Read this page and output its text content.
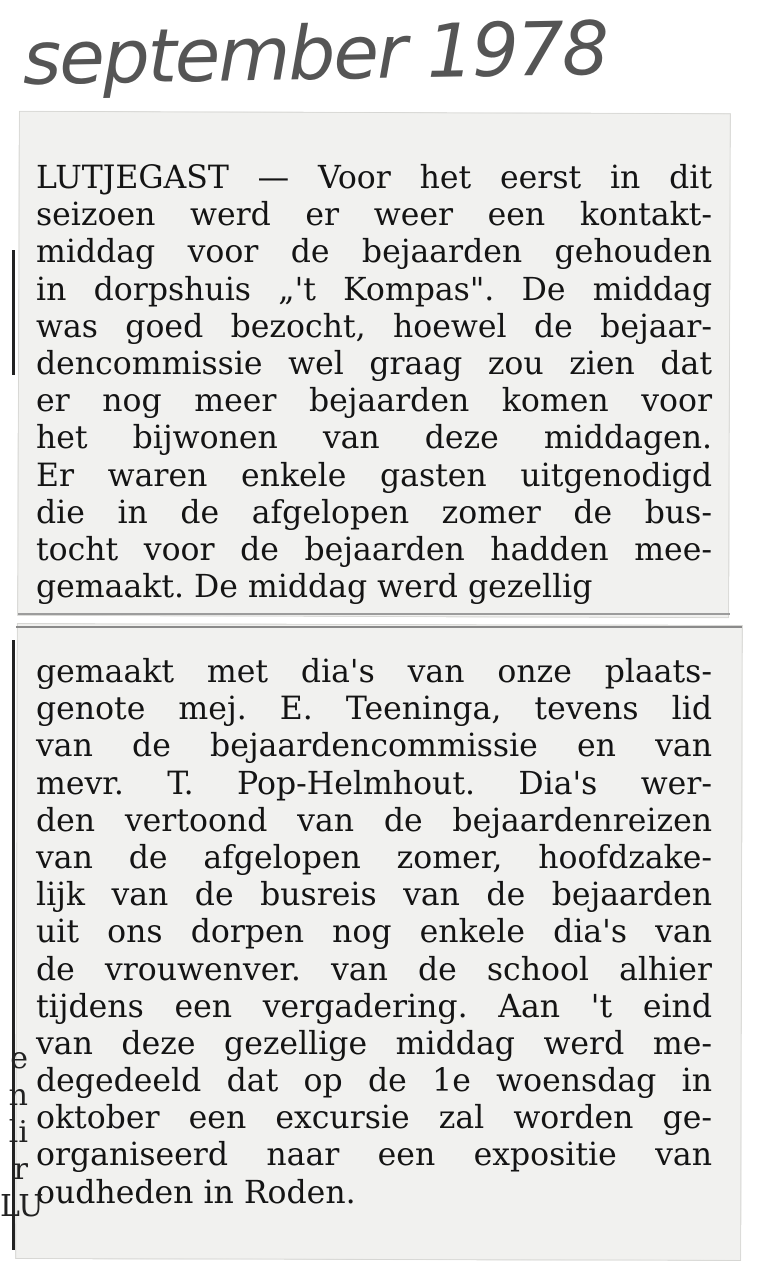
september 1978
LUTJEGAST — Voor het eerst in dit
seizoen werd er weer een kontakt-
middag voor de bejaarden gehouden
in dorpshuis „'t Kompas". De middag
was goed bezocht, hoewel de bejaar-
dencommissie wel graag zou zien dat
er nog meer bejaarden komen voor
het bijwonen van deze middagen.
Er waren enkele gasten uitgenodigd
die in de afgelopen zomer de bus-
tocht voor de bejaarden hadden mee-
gemaakt. De middag werd gezellig
gemaakt met dia's van onze plaats-
genote mej. E. Teeninga, tevens lid
van de bejaardencommissie en van
mevr. T. Pop-Helmhout. Dia's wer-
den vertoond van de bejaardenreizen
van de afgelopen zomer, hoofdzake-
lijk van de busreis van de bejaarden
uit ons dorpen nog enkele dia's van
de vrouwenver. van de school alhier
tijdens een vergadering. Aan 't eind
van deze gezellige middag werd me-
degedeeld dat op de 1e woensdag in
oktober een excursie zal worden ge-
organiseerd naar een expositie van
oudheden in Roden.
e
n
li
r
LU
